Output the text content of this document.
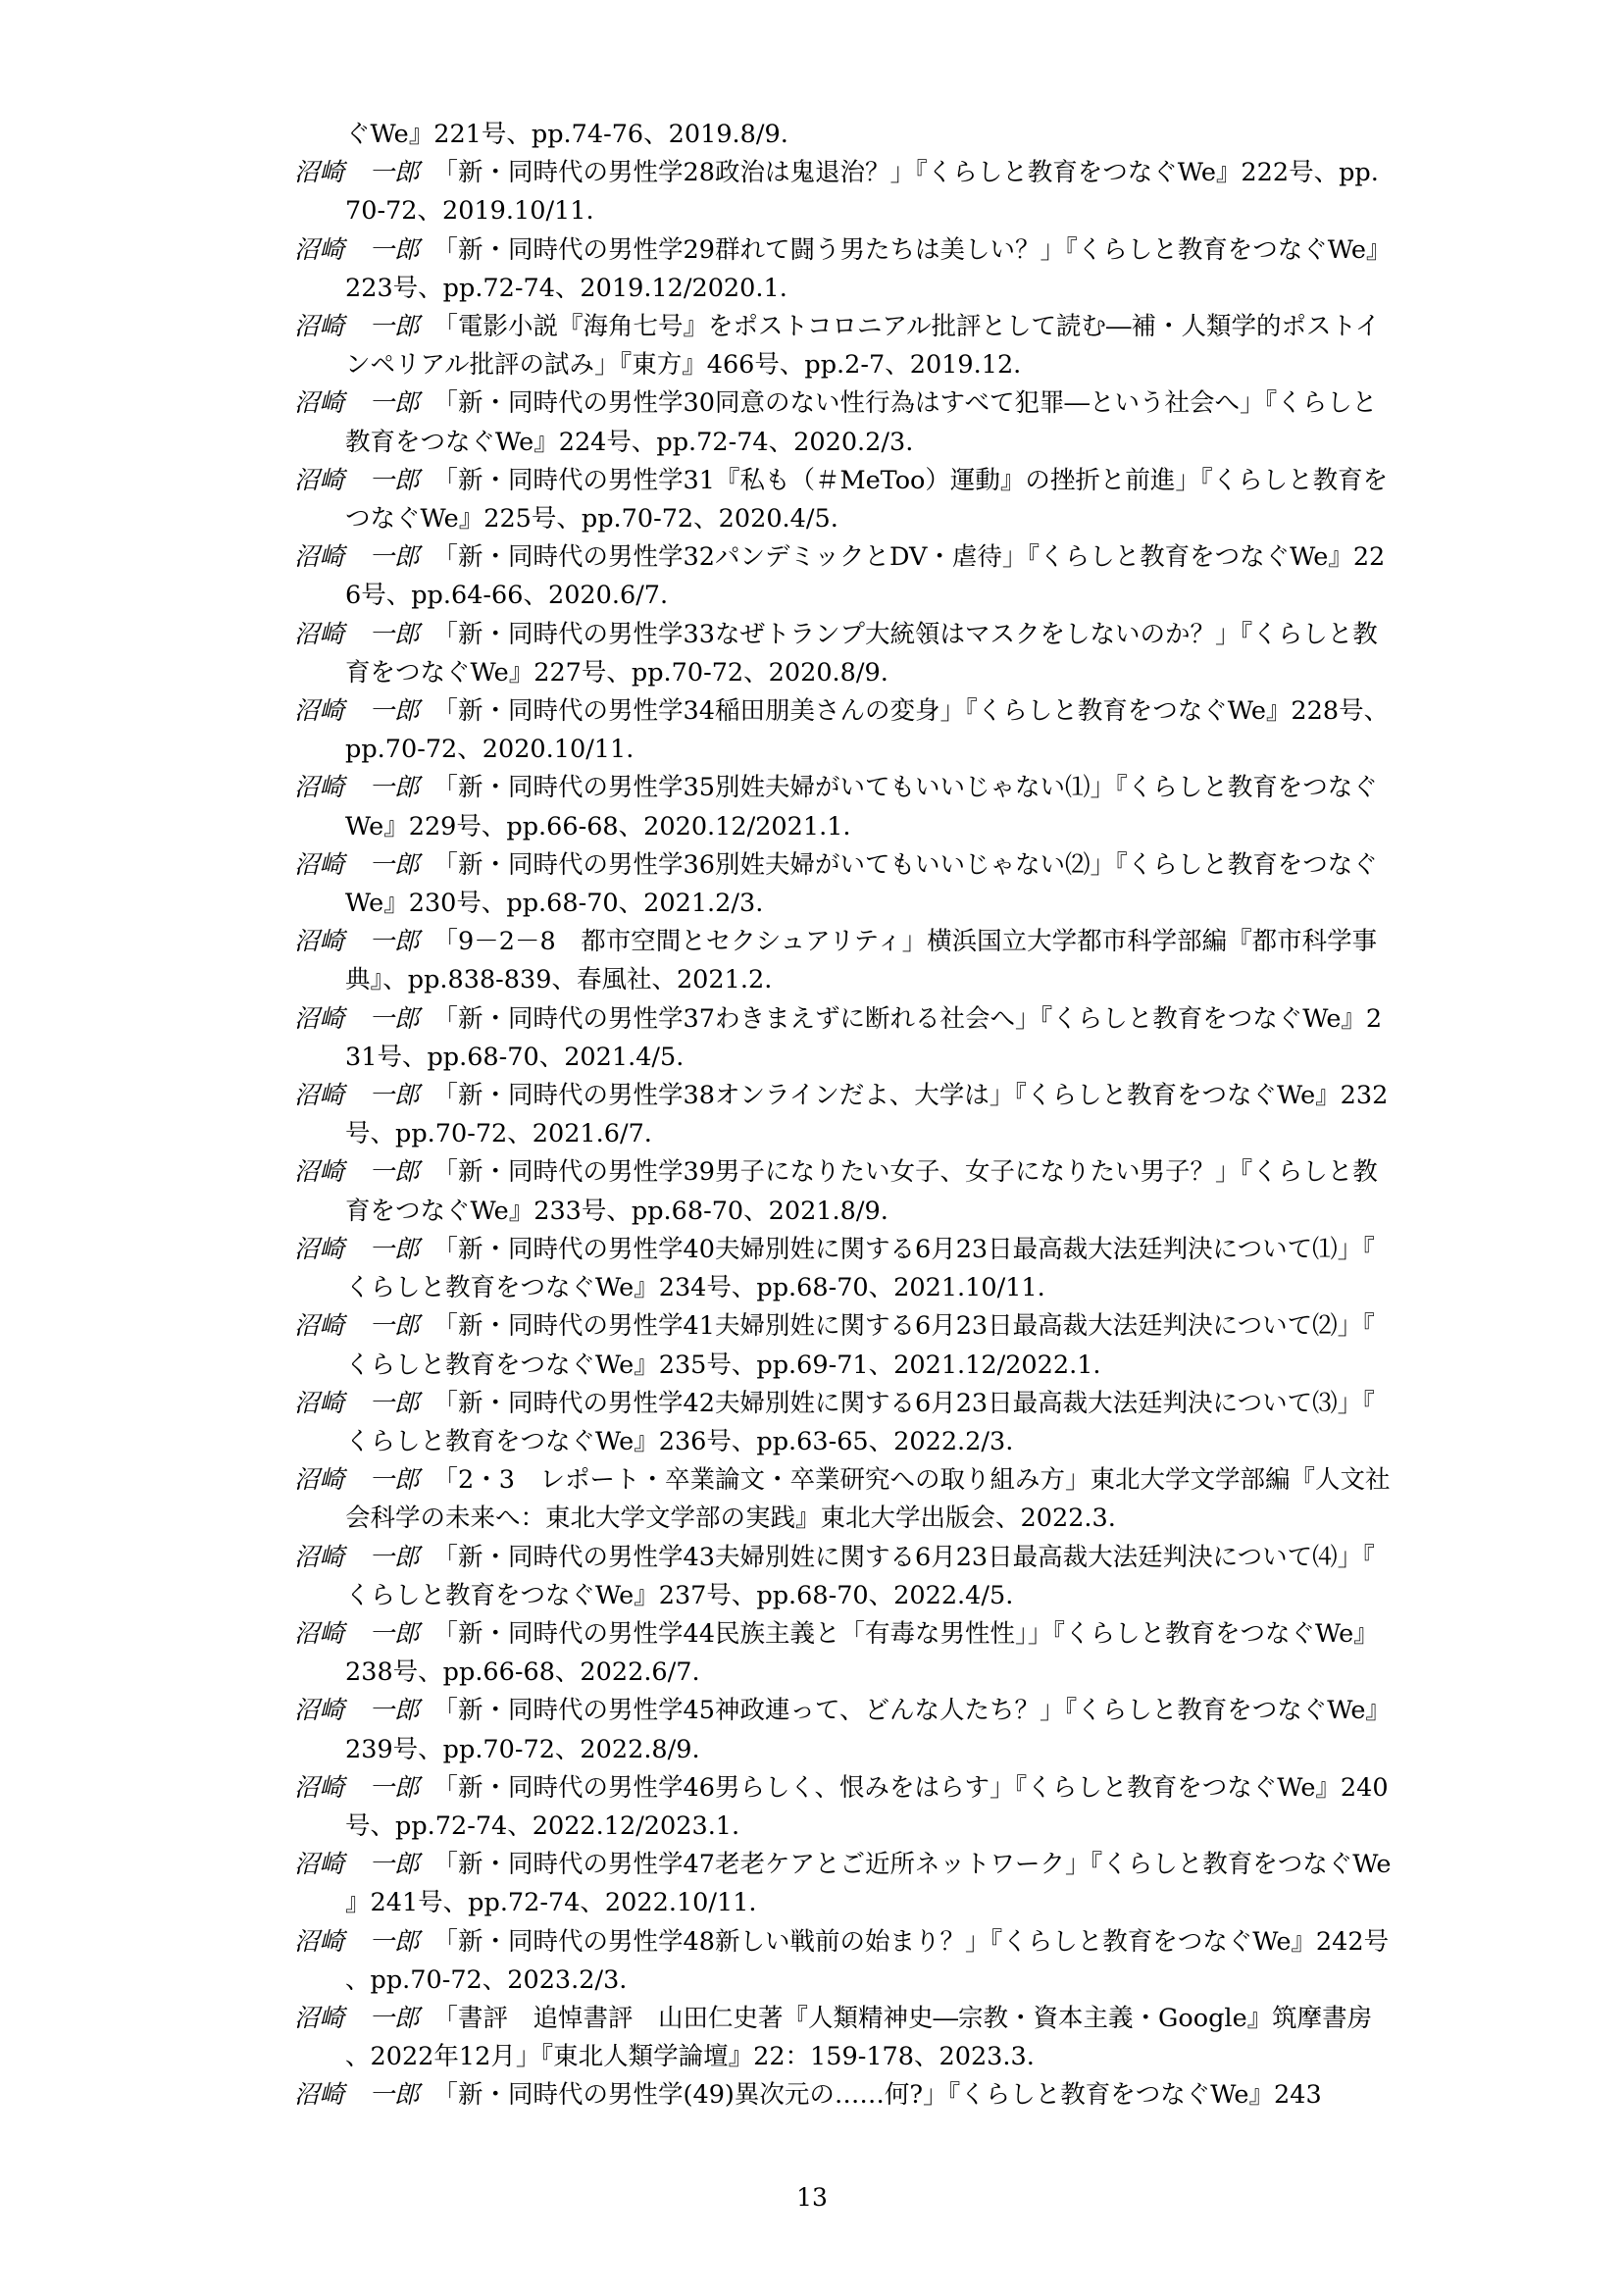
ぐWe』221号、pp.74-76、2019.8/9.
沼崎　一郎 「新・同時代の男性学28政治は鬼退治？」『くらしと教育をつなぐWe』222号、pp.70-72、2019.10/11.
沼崎　一郎 「新・同時代の男性学29群れて闘う男たちは美しい？」『くらしと教育をつなぐWe』223号、pp.72-74、2019.12/2020.1.
沼崎　一郎 「電影小説『海角七号』をポストコロニアル批評として読む―補・人類学的ポストインペリアル批評の試み」『東方』466号、pp.2-7、2019.12.
沼崎　一郎 「新・同時代の男性学30同意のない性行為はすべて犯罪―という社会へ」『くらしと教育をつなぐWe』224号、pp.72-74、2020.2/3.
沼崎　一郎 「新・同時代の男性学31『私も（＃MeToo）運動』の挫折と前進」『くらしと教育をつなぐWe』225号、pp.70-72、2020.4/5.
沼崎　一郎 「新・同時代の男性学32パンデミックとDV・虐待」『くらしと教育をつなぐWe』226号、pp.64-66、2020.6/7.
沼崎　一郎 「新・同時代の男性学33なぜトランプ大統領はマスクをしないのか？」『くらしと教育をつなぐWe』227号、pp.70-72、2020.8/9.
沼崎　一郎 「新・同時代の男性学34稲田朋美さんの変身」『くらしと教育をつなぐWe』228号、pp.70-72、2020.10/11.
沼崎　一郎 「新・同時代の男性学35別姓夫婦がいてもいいじゃない⑴」『くらしと教育をつなぐWe』229号、pp.66-68、2020.12/2021.1.
沼崎　一郎 「新・同時代の男性学36別姓夫婦がいてもいいじゃない⑵」『くらしと教育をつなぐWe』230号、pp.68-70、2021.2/3.
沼崎　一郎 「9－2－8　都市空間とセクシュアリティ」横浜国立大学都市科学部編『都市科学事典』、pp.838-839、春風社、2021.2.
沼崎　一郎 「新・同時代の男性学37わきまえずに断れる社会へ」『くらしと教育をつなぐWe』231号、pp.68-70、2021.4/5.
沼崎　一郎 「新・同時代の男性学38オンラインだよ、大学は」『くらしと教育をつなぐWe』232号、pp.70-72、2021.6/7.
沼崎　一郎 「新・同時代の男性学39男子になりたい女子、女子になりたい男子？」『くらしと教育をつなぐWe』233号、pp.68-70、2021.8/9.
沼崎　一郎 「新・同時代の男性学40夫婦別姓に関する6月23日最高裁大法廷判決について⑴」『くらしと教育をつなぐWe』234号、pp.68-70、2021.10/11.
沼崎　一郎 「新・同時代の男性学41夫婦別姓に関する6月23日最高裁大法廷判決について⑵」『くらしと教育をつなぐWe』235号、pp.69-71、2021.12/2022.1.
沼崎　一郎 「新・同時代の男性学42夫婦別姓に関する6月23日最高裁大法廷判決について⑶」『くらしと教育をつなぐWe』236号、pp.63-65、2022.2/3.
沼崎　一郎 「2・3　レポート・卒業論文・卒業研究への取り組み方」東北大学文学部編『人文社会科学の未来へ：東北大学文学部の実践』東北大学出版会、2022.3.
沼崎　一郎 「新・同時代の男性学43夫婦別姓に関する6月23日最高裁大法廷判決について⑷」『くらしと教育をつなぐWe』237号、pp.68-70、2022.4/5.
沼崎　一郎 「新・同時代の男性学44民族主義と「有毒な男性性」」『くらしと教育をつなぐWe』238号、pp.66-68、2022.6/7.
沼崎　一郎 「新・同時代の男性学45神政連って、どんな人たち？」『くらしと教育をつなぐWe』239号、pp.70-72、2022.8/9.
沼崎　一郎 「新・同時代の男性学46男らしく、恨みをはらす」『くらしと教育をつなぐWe』240号、pp.72-74、2022.12/2023.1.
沼崎　一郎 「新・同時代の男性学47老老ケアとご近所ネットワーク」『くらしと教育をつなぐWe』241号、pp.72-74、2022.10/11.
沼崎　一郎 「新・同時代の男性学48新しい戦前の始まり？」『くらしと教育をつなぐWe』242号、pp.70-72、2023.2/3.
沼崎　一郎 「書評　追悼書評　山田仁史著『人類精神史―宗教・資本主義・Google』筑摩書房、2022年12月」『東北人類学論壇』22：159-178、2023.3.
沼崎　一郎 「新・同時代の男性学(49)異次元の……何?」『くらしと教育をつなぐWe』243
13
